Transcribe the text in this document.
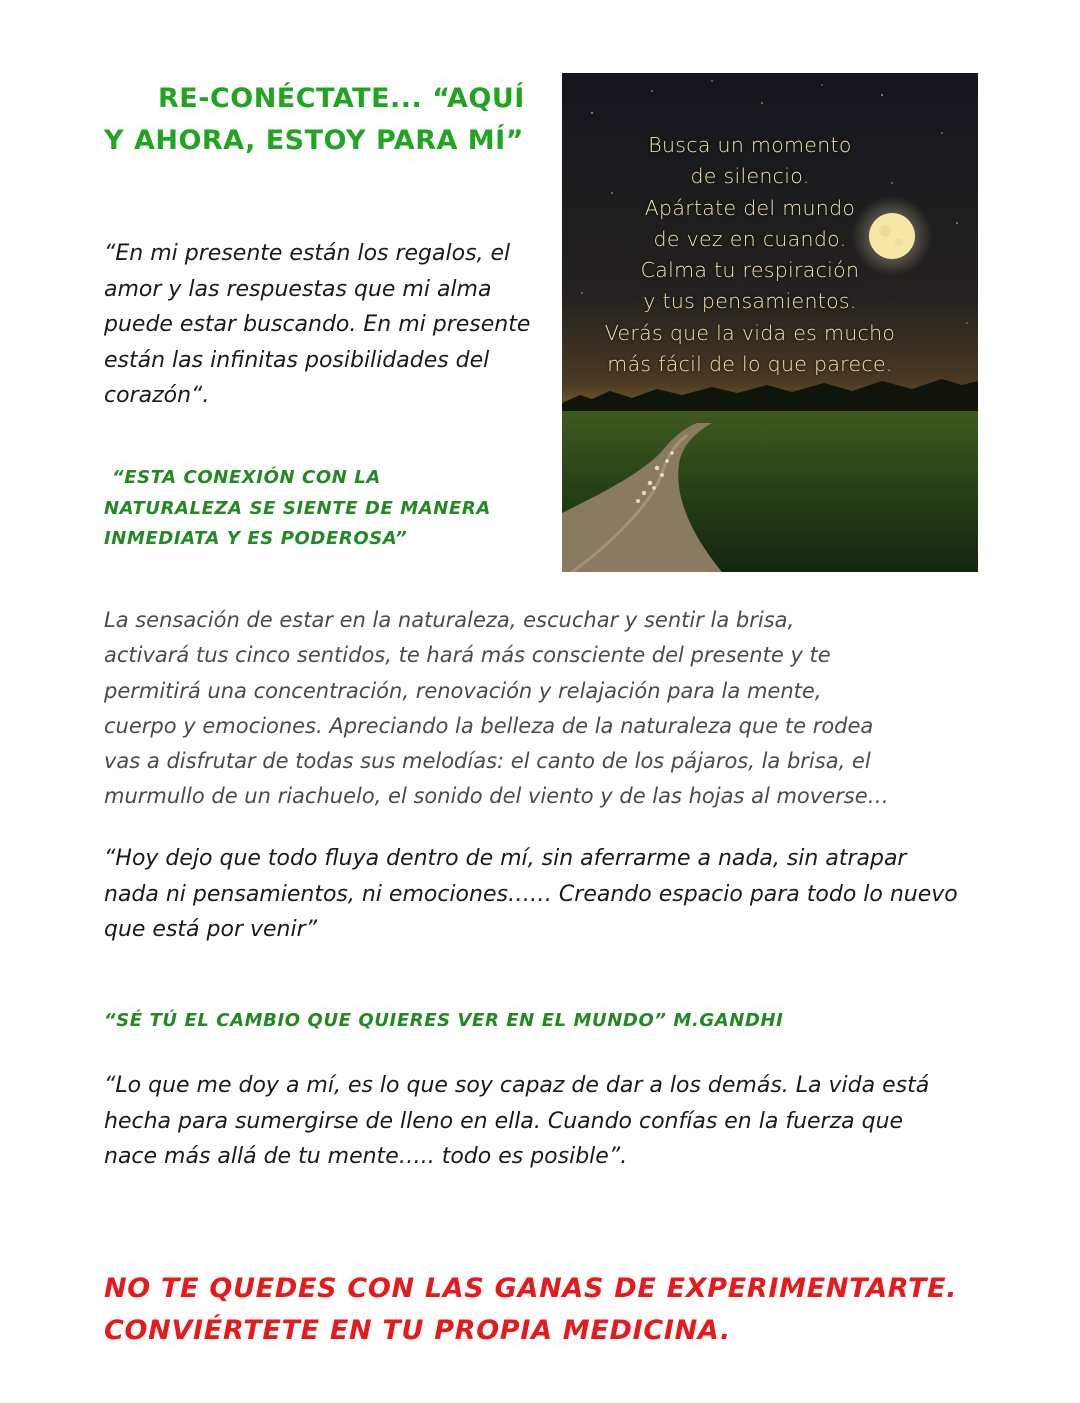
RE-CONÉCTATE... “AQUÍ
Y AHORA, ESTOY PARA MÍ”
“En mi presente están los regalos, el
amor y las respuestas que mi alma
puede estar buscando. En mi presente
están las infinitas posibilidades del
corazón“.
“ESTA CONEXIÓN CON LA
NATURALEZA SE SIENTE DE MANERA
INMEDIATA Y ES PODEROSA”
Busca un momento
de silencio.
Apártate del mundo
de vez en cuando.
Calma tu respiración
y tus pensamientos.
Verás que la vida es mucho
más fácil de lo que parece.
La sensación de estar en la naturaleza, escuchar y sentir la brisa,
activará tus cinco sentidos, te hará más consciente del presente y te
permitirá una concentración, renovación y relajación para la mente,
cuerpo y emociones. Apreciando la belleza de la naturaleza que te rodea
vas a disfrutar de todas sus melodías: el canto de los pájaros, la brisa, el
murmullo de un riachuelo, el sonido del viento y de las hojas al moverse…
“Hoy dejo que todo fluya dentro de mí, sin aferrarme a nada, sin atrapar
nada ni pensamientos, ni emociones…… Creando espacio para todo lo nuevo
que está por venir”
“SÉ TÚ EL CAMBIO QUE QUIERES VER EN EL MUNDO” M.GANDHI
“Lo que me doy a mí, es lo que soy capaz de dar a los demás. La vida está
hecha para sumergirse de lleno en ella. Cuando confías en la fuerza que
nace más allá de tu mente….. todo es posible”.
NO TE QUEDES CON LAS GANAS DE EXPERIMENTARTE.
CONVIÉRTETE EN TU PROPIA MEDICINA.
